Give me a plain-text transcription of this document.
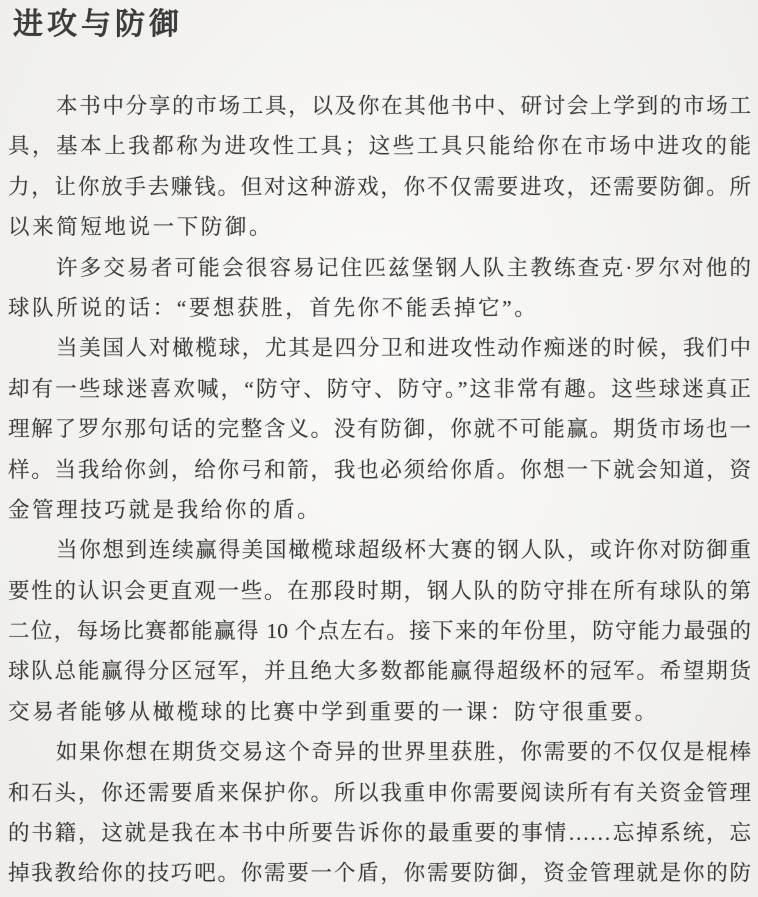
进攻与防御
本书中分享的市场工具，以及你在其他书中、研讨会上学到的市场工
具，基本上我都称为进攻性工具；这些工具只能给你在市场中进攻的能
力，让你放手去赚钱。但对这种游戏，你不仅需要进攻，还需要防御。所
以来简短地说一下防御。
许多交易者可能会很容易记住匹兹堡钢人队主教练查克·罗尔对他的
球队所说的话：“要想获胜，首先你不能丢掉它”。
当美国人对橄榄球，尤其是四分卫和进攻性动作痴迷的时候，我们中
却有一些球迷喜欢喊，“防守、防守、防守。”这非常有趣。这些球迷真正
理解了罗尔那句话的完整含义。没有防御，你就不可能赢。期货市场也一
样。当我给你剑，给你弓和箭，我也必须给你盾。你想一下就会知道，资
金管理技巧就是我给你的盾。
当你想到连续赢得美国橄榄球超级杯大赛的钢人队，或许你对防御重
要性的认识会更直观一些。在那段时期，钢人队的防守排在所有球队的第
二位，每场比赛都能赢得 10 个点左右。接下来的年份里，防守能力最强的
球队总能赢得分区冠军，并且绝大多数都能赢得超级杯的冠军。希望期货
交易者能够从橄榄球的比赛中学到重要的一课：防守很重要。
如果你想在期货交易这个奇异的世界里获胜，你需要的不仅仅是棍棒
和石头，你还需要盾来保护你。所以我重申你需要阅读所有有关资金管理
的书籍，这就是我在本书中所要告诉你的最重要的事情……忘掉系统，忘
掉我教给你的技巧吧。你需要一个盾，你需要防御，资金管理就是你的防
